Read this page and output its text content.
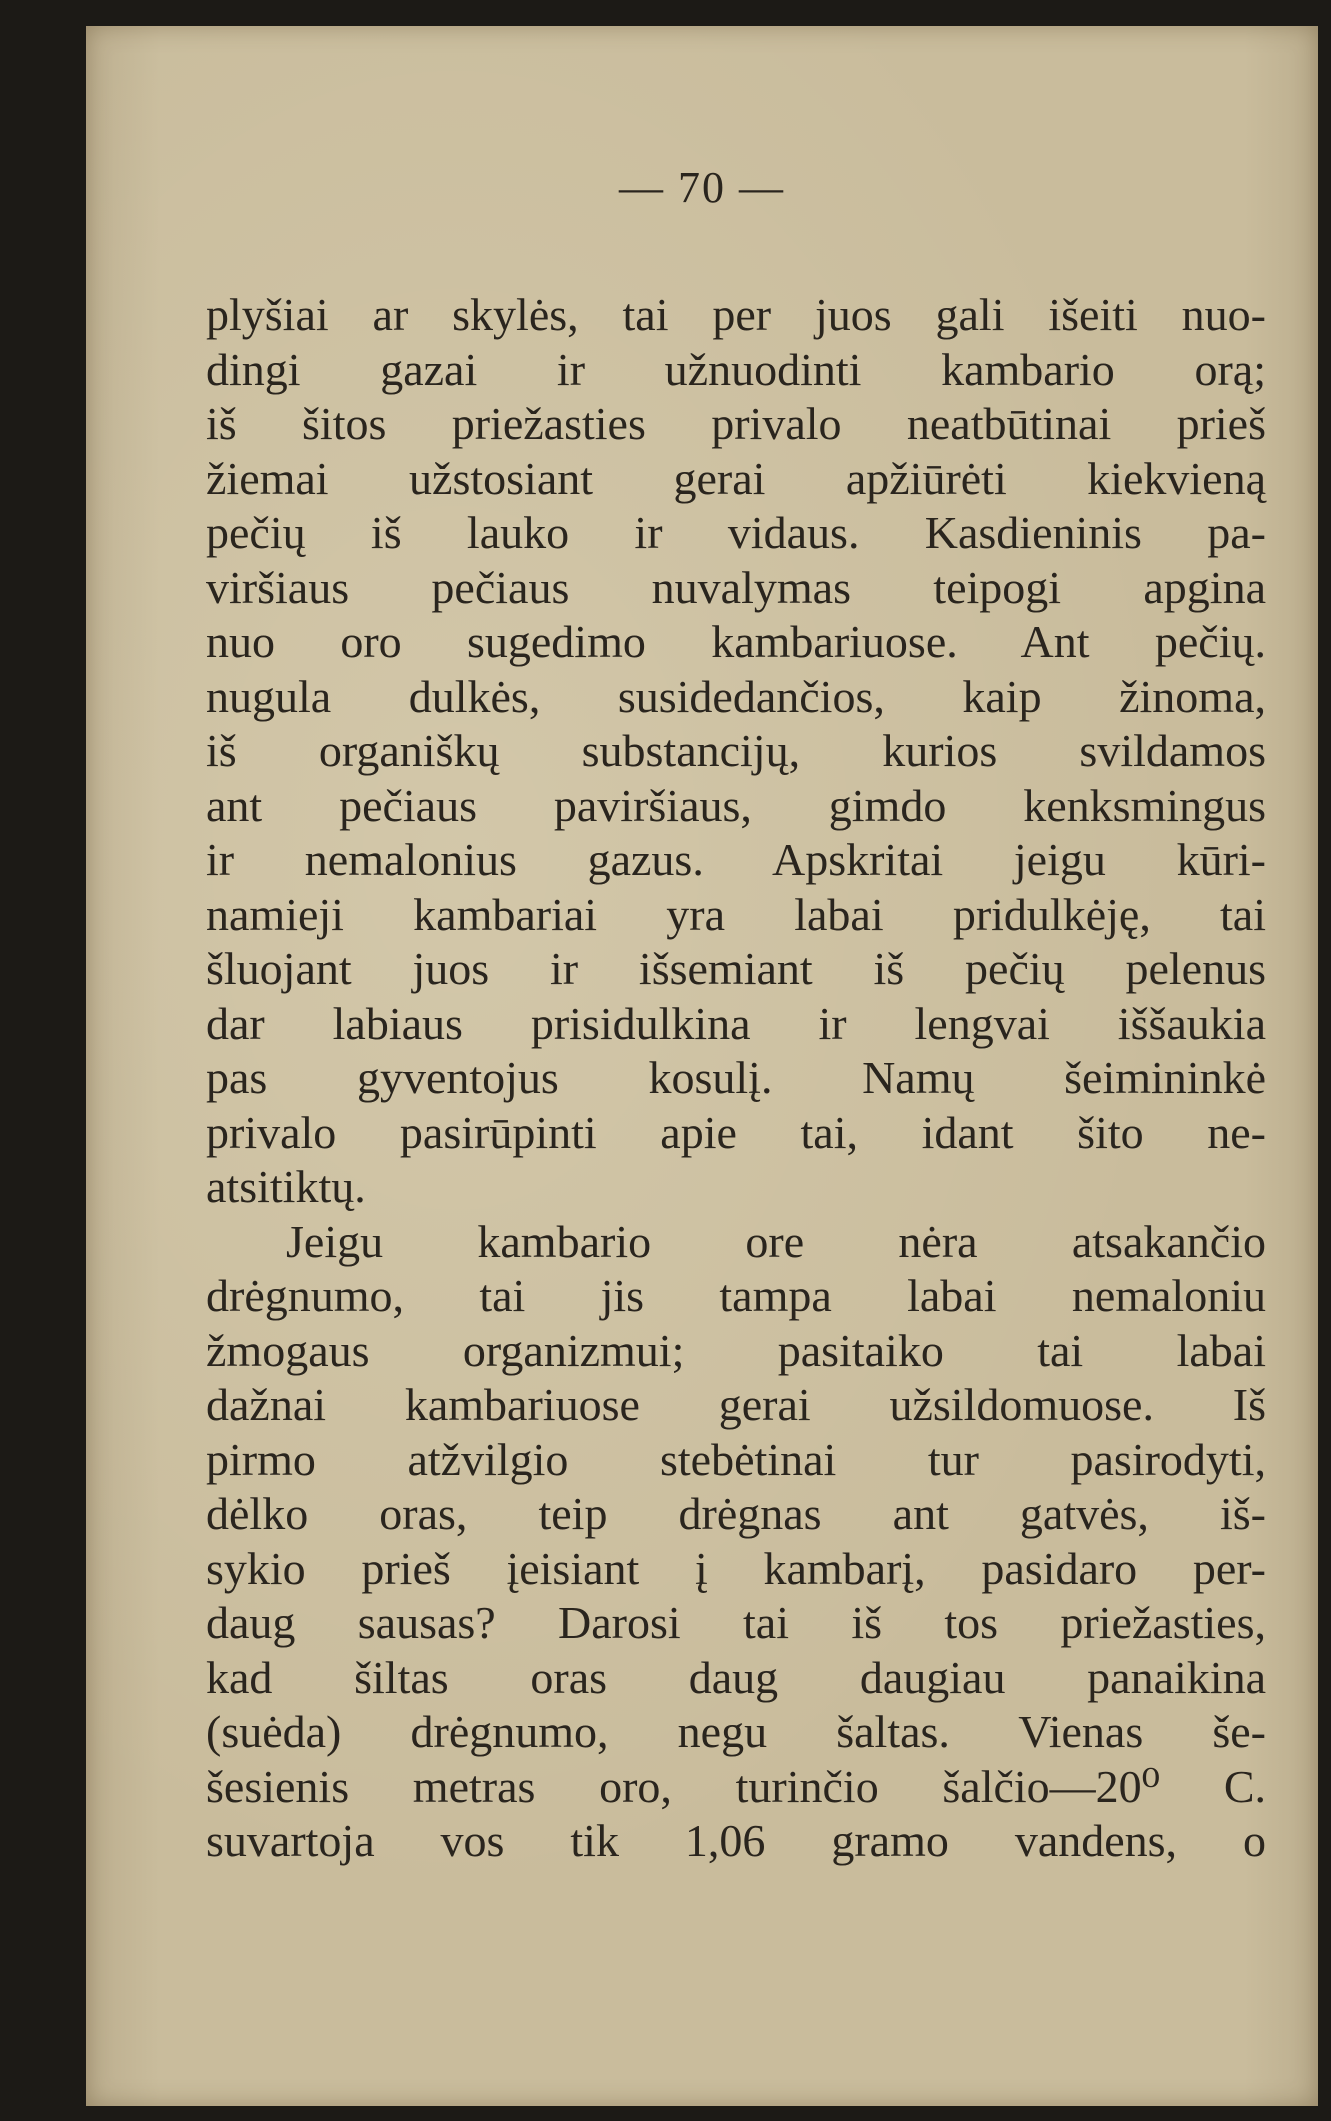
— 70 —
plyšiai ar skylės, tai per juos gali išeiti nuo-
dingi gazai ir užnuodinti kambario orą;
iš šitos priežasties privalo neatbūtinai prieš
žiemai užstosiant gerai apžiūrėti kiekvieną
pečių iš lauko ir vidaus. Kasdieninis pa-
viršiaus pečiaus nuvalymas teipogi apgina
nuo oro sugedimo kambariuose. Ant pečių.
nugula dulkės, susidedančios, kaip žinoma,
iš organiškų substancijų, kurios svildamos
ant pečiaus paviršiaus, gimdo kenksmingus
ir nemalonius gazus. Apskritai jeigu kūri-
namieji kambariai yra labai pridulkėję, tai
šluojant juos ir išsemiant iš pečių pelenus
dar labiaus prisidulkina ir lengvai iššaukia
pas gyventojus kosulį. Namų šeimininkė
privalo pasirūpinti apie tai, idant šito ne-
atsitiktų.
Jeigu kambario ore nėra atsakančio
drėgnumo, tai jis tampa labai nemaloniu
žmogaus organizmui; pasitaiko tai labai
dažnai kambariuose gerai užsildomuose. Iš
pirmo atžvilgio stebėtinai tur pasirodyti,
dėlko oras, teip drėgnas ant gatvės, iš-
sykio prieš įeisiant į kambarį, pasidaro per-
daug sausas? Darosi tai iš tos priežasties,
kad šiltas oras daug daugiau panaikina
(suėda) drėgnumo, negu šaltas. Vienas še-
šesienis metras oro, turinčio šalčio—20⁰ C.
suvartoja vos tik 1,06 gramo vandens, o
